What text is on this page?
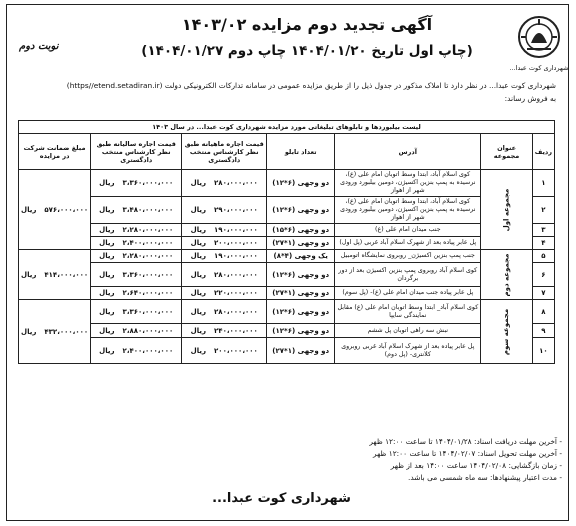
شهرداری کوت عبدا...
آگهی تجدید دوم مزایده ۱۴۰۳/۰۲
(چاپ اول تاریخ ۱۴۰۴/۰۱/۲۰ چاپ دوم ۱۴۰۴/۰۱/۲۷)
نوبت دوم
شهرداری کوت عبدا... در نظر دارد تا املاک مذکور در جدول ذیل را از طریق مزایده عمومی در سامانه تدارکات الکترونیکی دولت (https//etend.setadiran.ir)
به فروش رساند:
لیست بیلبوردها و تابلوهای تبلیغاتی مورد مزایده شهرداری کوت عبدا... در سال ۱۴۰۳						
ردیف	عنوان مجموعه	آدرس	تعداد تابلو	قیمت اجاره ماهیانه طبق نظر کارشناس منتخب دادگستری	قیمت اجاره سالیانه طبق نظر کارشناس منتخب دادگستری	مبلغ ضمانت شرکت در مزایده
۱	مجموعه اول	کوی اسلام آباد، ابتدا وسط اتوبان امام علی (ع)، نرسیده به پمپ بنزین اکسیژن، دومین بیلبورد ورودی شهر از اهواز	دو وجهی (۶*۱۲)	۲۸۰،۰۰۰،۰۰۰ریال	۳،۳۶۰،۰۰۰،۰۰۰ریال	۵۷۶،۰۰۰،۰۰۰ریال
۲		کوی اسلام آباد، ابتدا وسط اتوبان امام علی (ع)، نرسیده به پمپ بنزین اکسیژن، دومین بیلبورد ورودی شهر از اهواز	دو وجهی (۶*۱۲)	۲۹۰،۰۰۰،۰۰۰ریال	۳،۴۸۰،۰۰۰،۰۰۰ریال	
۳		جنب میدان امام علی (ع)	دو وجهی (۶*۱۵)	۱۹۰،۰۰۰،۰۰۰ریال	۲،۲۸۰،۰۰۰،۰۰۰ریال	
۴		پل عابر پیاده بعد از شهرک اسلام آباد غربی (پل اول)	دو وجهی (۱*۲۷)	۲۰۰،۰۰۰،۰۰۰ریال	۲،۴۰۰،۰۰۰،۰۰۰ریال	
۵	مجموعه دوم	جنب پمپ بنزین اکسیژن_ روبروی نمایشگاه اتومبیل	یک وجهی (۴*۸)	۱۹۰،۰۰۰،۰۰۰ریال	۲،۲۸۰،۰۰۰،۰۰۰ریال	۴۱۴،۰۰۰،۰۰۰ریال
۶		کوی اسلام آباد روبروی پمپ بنزین اکسیژن بعد از دور برگردان	دو وجهی (۶*۱۲)	۲۸۰،۰۰۰،۰۰۰ریال	۳،۳۶۰،۰۰۰،۰۰۰ریال	
۷		پل عابر پیاده جنب میدان امام علی (ع)- (پل سوم)	دو وجهی (۱*۲۷)	۲۲۰،۰۰۰،۰۰۰ریال	۲،۶۴۰،۰۰۰،۰۰۰ریال	
۸	مجموعه سوم	کوی اسلام آباد_ ابتدا وسط اتوبان امام علی (ع) مقابل نمایندگی سایپا	دو وجهی (۶*۱۲)	۲۸۰،۰۰۰،۰۰۰ریال	۳،۳۶۰،۰۰۰،۰۰۰ریال	۴۳۲،۰۰۰،۰۰۰ریال
۹		نبش سه راهی اتوبان پل ششم	دو وجهی (۶*۱۲)	۲۴۰،۰۰۰،۰۰۰ریال	۲،۸۸۰،۰۰۰،۰۰۰ریال	
۱۰		پل عابر پیاده بعد از شهرک اسلام آباد غربی روبروی کلانتری- (پل دوم)	دو وجهی (۱*۲۷)	۲۰۰،۰۰۰،۰۰۰ریال	۲،۴۰۰،۰۰۰،۰۰۰ریال	
- آخرین مهلت دریافت اسناد: ۱۴۰۴/۰۱/۲۸ تا ساعت ۱۲:۰۰ ظهر
- آخرین مهلت تحویل اسناد: ۱۴۰۴/۰۲/۰۷ تا ساعت ۱۲:۰۰ ظهر
- زمان بازگشایی: ۱۴۰۴/۰۲/۰۸ ساعت ۱۴:۰۰ بعد از ظهر
- مدت اعتبار پیشنهادها: سه ماه شمسی می باشد.
شهرداری کوت عبدا...
